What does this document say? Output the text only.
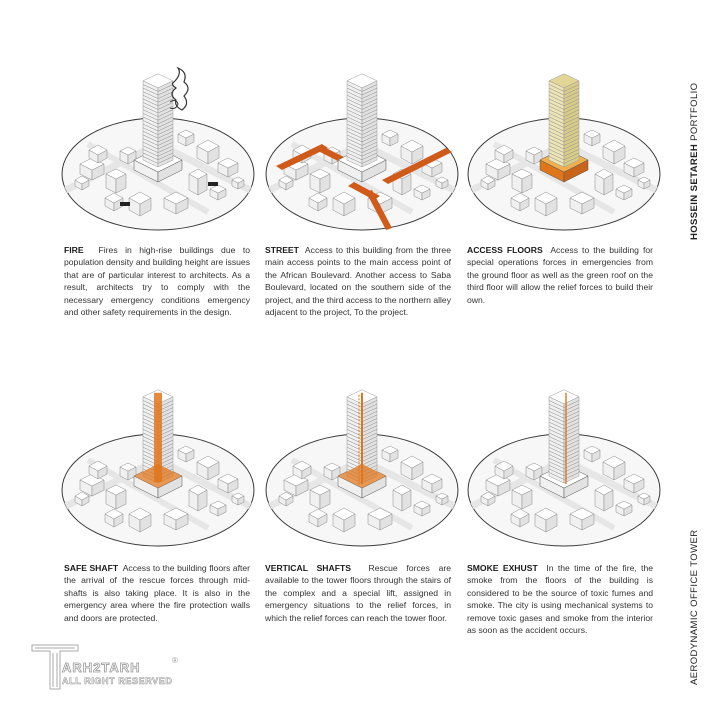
FIRE Fires in high-rise buildings due to population density and building height are issues that are of particular interest to architects. As a result, architects try to comply with the necessary emergency conditions emergency and other safety requirements in the design.
STREET Access to this building from the three main access points to the main access point of the African Boulevard. Another access to Saba Boulevard, located on the southern side of the project, and the third access to the northern alley adjacent to the project, To the project.
ACCESS FLOORS Access to the building for special operations forces in emergencies from the ground floor as well as the green roof on the third floor will allow the relief forces to build their own.
SAFE SHAFT Access to the building floors after the arrival of the rescue forces through mid-shafts is also taking place. It is also in the emergency area where the fire protection walls and doors are protected.
VERTICAL SHAFTS Rescue forces are available to the tower floors through the stairs of the complex and a special lift, assigned in emergency situations to the relief forces, in which the relief forces can reach the tower floor.
SMOKE EXHUST In the time of the fire, the smoke from the floors of the building is considered to be the source of toxic fumes and smoke. The city is using mechanical systems to remove toxic gases and smoke from the interior as soon as the accident occurs.
HOSSEIN SETAREH PORTFOLIO
AERODYNAMIC OFFICE TOWER
ARH2TARH
ALL RIGHT RESERVED
®
